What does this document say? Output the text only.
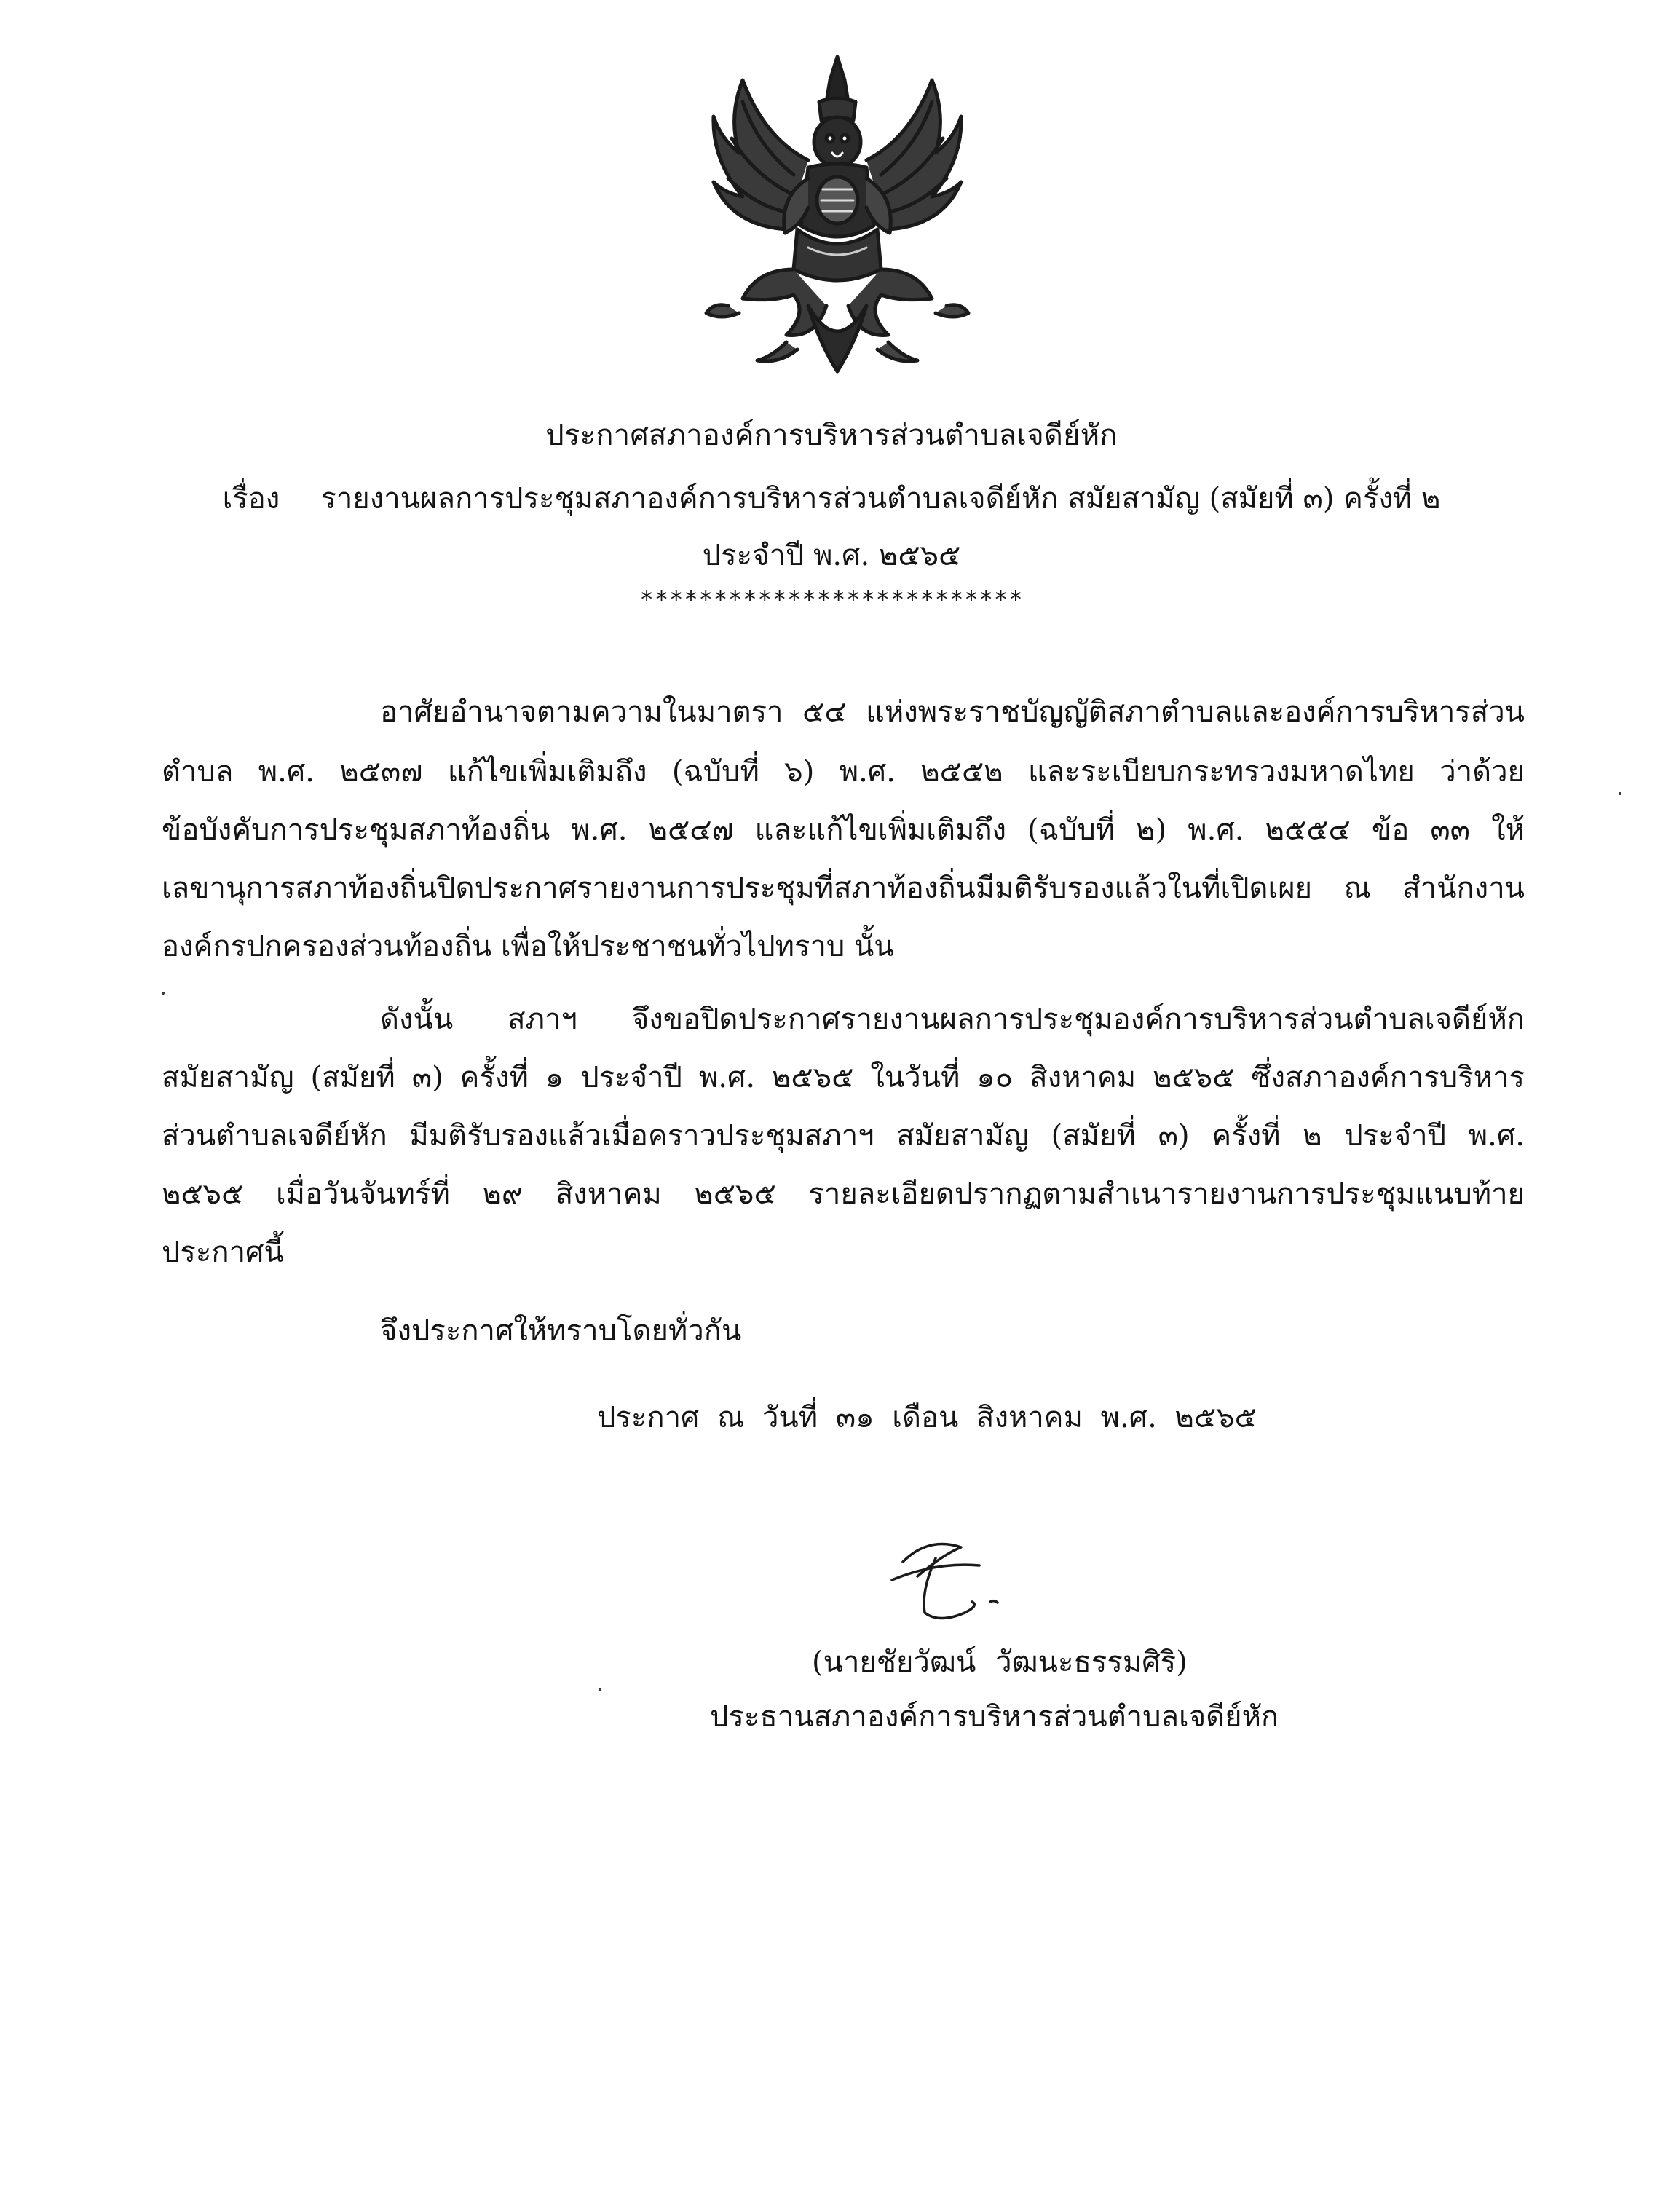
ประกาศสภาองค์การบริหารส่วนตำบลเจดีย์หัก
เรื่อง รายงานผลการประชุมสภาองค์การบริหารส่วนตำบลเจดีย์หัก สมัยสามัญ (สมัยที่ ๓) ครั้งที่ ๒
ประจำปี พ.ศ. ๒๕๖๕
**************************
อาศัยอำนาจตามความในมาตรา ๕๔ แห่งพระราชบัญญัติสภาตำบลและองค์การบริหารส่วน
ตำบล พ.ศ. ๒๕๓๗ แก้ไขเพิ่มเติมถึง (ฉบับที่ ๖) พ.ศ. ๒๕๕๒ และระเบียบกระทรวงมหาดไทย ว่าด้วย
ข้อบังคับการประชุมสภาท้องถิ่น พ.ศ. ๒๕๔๗ และแก้ไขเพิ่มเติมถึง (ฉบับที่ ๒) พ.ศ. ๒๕๕๔ ข้อ ๓๓ ให้
เลขานุการสภาท้องถิ่นปิดประกาศรายงานการประชุมที่สภาท้องถิ่นมีมติรับรองแล้วในที่เปิดเผย ณ สำนักงาน
องค์กรปกครองส่วนท้องถิ่น เพื่อให้ประชาชนทั่วไปทราบ นั้น
ดังนั้น สภาฯ จึงขอปิดประกาศรายงานผลการประชุมองค์การบริหารส่วนตำบลเจดีย์หัก
สมัยสามัญ (สมัยที่ ๓) ครั้งที่ ๑ ประจำปี พ.ศ. ๒๕๖๕ ในวันที่ ๑๐ สิงหาคม ๒๕๖๕ ซึ่งสภาองค์การบริหาร
ส่วนตำบลเจดีย์หัก มีมติรับรองแล้วเมื่อคราวประชุมสภาฯ สมัยสามัญ (สมัยที่ ๓) ครั้งที่ ๒ ประจำปี พ.ศ.
๒๕๖๕ เมื่อวันจันทร์ที่ ๒๙ สิงหาคม ๒๕๖๕ รายละเอียดปรากฏตามสำเนารายงานการประชุมแนบท้าย
ประกาศนี้
จึงประกาศให้ทราบโดยทั่วกัน
ประกาศ ณ วันที่ ๓๑ เดือน สิงหาคม พ.ศ. ๒๕๖๕
(นายชัยวัฒน์ วัฒนะธรรมศิริ)
ประธานสภาองค์การบริหารส่วนตำบลเจดีย์หัก
